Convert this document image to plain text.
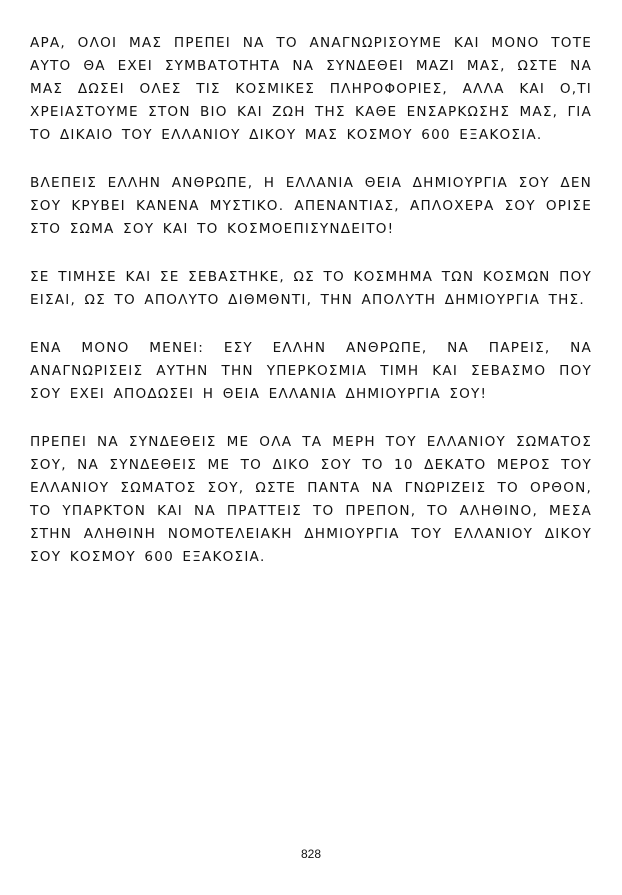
ΑΡΑ, ΟΛΟΙ ΜΑΣ ΠΡΕΠΕΙ ΝΑ ΤΟ ΑΝΑΓΝΩΡΙΣΟΥΜΕ ΚΑΙ ΜΟΝΟ ΤΟΤΕ ΑΥΤΟ ΘΑ ΕΧΕΙ ΣΥΜΒΑΤΟΤΗΤΑ ΝΑ ΣΥΝΔΕΘΕΙ ΜΑΖΙ ΜΑΣ, ΩΣΤΕ ΝΑ ΜΑΣ ΔΩΣΕΙ ΟΛΕΣ ΤΙΣ ΚΟΣΜΙΚΕΣ ΠΛΗΡΟΦΟΡΙΕΣ, ΑΛΛΑ ΚΑΙ Ο,ΤΙ ΧΡΕΙΑΣΤΟΥΜΕ ΣΤΟΝ ΒΙΟ ΚΑΙ ΖΩΗ ΤΗΣ ΚΑΘΕ ΕΝΣΑΡΚΩΣΗΣ ΜΑΣ, ΓΙΑ ΤΟ ΔΙΚΑΙΟ ΤΟΥ ΕΛΛΑΝΙΟΥ ΔΙΚΟΥ ΜΑΣ ΚΟΣΜΟΥ 600 ΕΞΑΚΟΣΙΑ.

ΒΛΕΠΕΙΣ ΕΛΛΗΝ ΑΝΘΡΩΠΕ, Η ΕΛΛΑΝΙΑ ΘΕΙΑ ΔΗΜΙΟΥΡΓΙΑ ΣΟΥ ΔΕΝ ΣΟΥ ΚΡΥΒΕΙ ΚΑΝΕΝΑ ΜΥΣΤΙΚΟ. ΑΠΕΝΑΝΤΙΑΣ, ΑΠΛΟΧΕΡΑ ΣΟΥ ΟΡΙΣΕ ΣΤΟ ΣΩΜΑ ΣΟΥ ΚΑΙ ΤΟ ΚΟΣΜΟΕΠΙΣΥΝΔΕΙΤΟ!

ΣΕ ΤΙΜΗΣΕ ΚΑΙ ΣΕ ΣΕΒΑΣΤΗΚΕ, ΩΣ ΤΟ ΚΟΣΜΗΜΑ ΤΩΝ ΚΟΣΜΩΝ ΠΟΥ ΕΙΣΑΙ, ΩΣ ΤΟ ΑΠΟΛΥΤΟ ΔΙΘΜΘΝΤΙ, ΤΗΝ ΑΠΟΛΥΤΗ ΔΗΜΙΟΥΡΓΙΑ ΤΗΣ.

ΕΝΑ ΜΟΝΟ ΜΕΝΕΙ: ΕΣΥ ΕΛΛΗΝ ΑΝΘΡΩΠΕ, ΝΑ ΠΑΡΕΙΣ, ΝΑ ΑΝΑΓΝΩΡΙΣΕΙΣ ΑΥΤΗΝ ΤΗΝ ΥΠΕΡΚΟΣΜΙΑ ΤΙΜΗ ΚΑΙ ΣΕΒΑΣΜΟ ΠΟΥ ΣΟΥ ΕΧΕΙ ΑΠΟΔΩΣΕΙ Η ΘΕΙΑ ΕΛΛΑΝΙΑ ΔΗΜΙΟΥΡΓΙΑ ΣΟΥ!

ΠΡΕΠΕΙ ΝΑ ΣΥΝΔΕΘΕΙΣ ΜΕ ΟΛΑ ΤΑ ΜΕΡΗ ΤΟΥ ΕΛΛΑΝΙΟΥ ΣΩΜΑΤΟΣ ΣΟΥ, ΝΑ ΣΥΝΔΕΘΕΙΣ ΜΕ ΤΟ ΔΙΚΟ ΣΟΥ ΤΟ 10 ΔΕΚΑΤΟ ΜΕΡΟΣ ΤΟΥ ΕΛΛΑΝΙΟΥ ΣΩΜΑΤΟΣ ΣΟΥ, ΩΣΤΕ ΠΑΝΤΑ ΝΑ ΓΝΩΡΙΖΕΙΣ ΤΟ ΟΡΘΟΝ, ΤΟ ΥΠΑΡΚΤΟΝ ΚΑΙ ΝΑ ΠΡΑΤΤΕΙΣ ΤΟ ΠΡΕΠΟΝ, ΤΟ ΑΛΗΘΙΝΟ, ΜΕΣΑ ΣΤΗΝ ΑΛΗΘΙΝΗ ΝΟΜΟΤΕΛΕΙΑΚΗ ΔΗΜΙΟΥΡΓΙΑ ΤΟΥ ΕΛΛΑΝΙΟΥ ΔΙΚΟΥ ΣΟΥ ΚΟΣΜΟΥ 600 ΕΞΑΚΟΣΙΑ.

828
